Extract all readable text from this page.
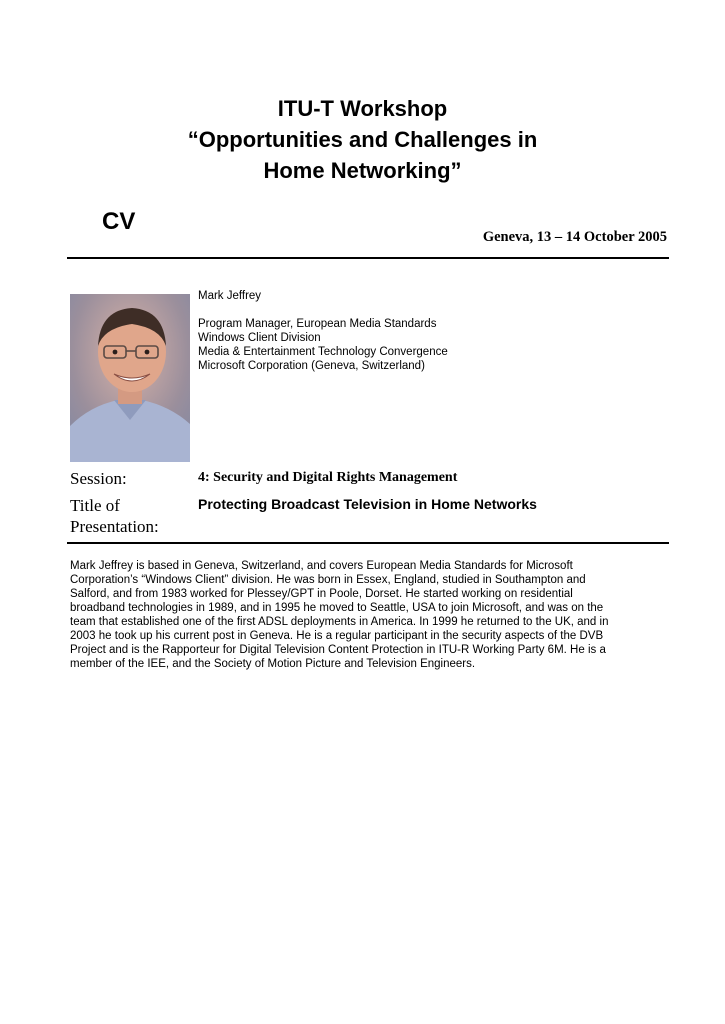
ITU-T Workshop
“Opportunities and Challenges in
Home Networking”
CV
Geneva, 13 – 14 October 2005
Mark Jeffrey
Program Manager, European Media Standards
Windows Client Division
Media & Entertainment Technology Convergence
Microsoft Corporation (Geneva, Switzerland)
Session:	4: Security and Digital Rights Management
Title of
Presentation:
Protecting Broadcast Television in Home Networks
Mark Jeffrey is based in Geneva, Switzerland, and covers European Media Standards for Microsoft
Corporation’s “Windows Client” division. He was born in Essex, England, studied in Southampton and
Salford, and from 1983 worked for Plessey/GPT in Poole, Dorset. He started working on residential
broadband technologies in 1989, and in 1995 he moved to Seattle, USA to join Microsoft, and was on the
team that established one of the first ADSL deployments in America. In 1999 he returned to the UK, and in
2003 he took up his current post in Geneva. He is a regular participant in the security aspects of the DVB
Project and is the Rapporteur for Digital Television Content Protection in ITU-R Working Party 6M. He is a
member of the IEE, and the Society of Motion Picture and Television Engineers.
